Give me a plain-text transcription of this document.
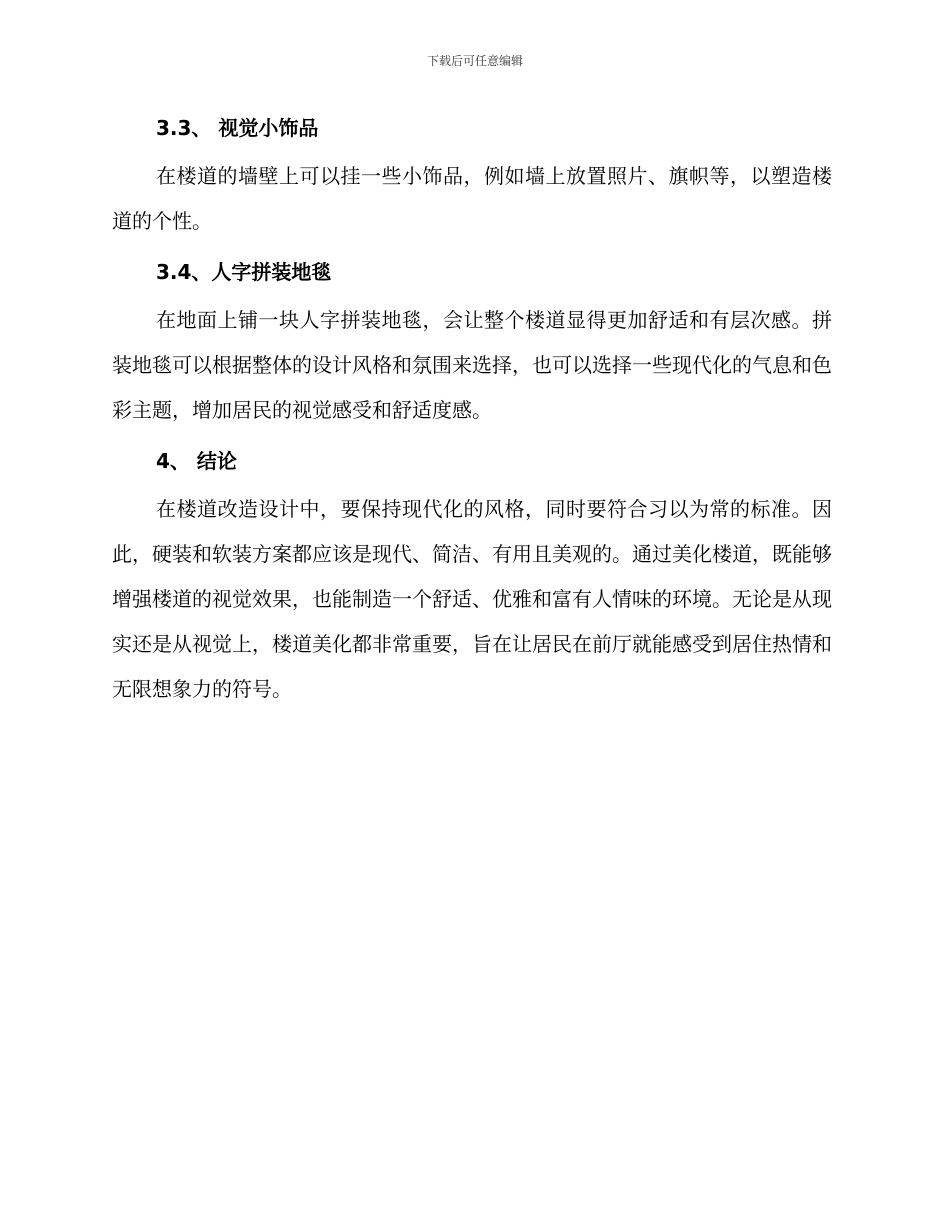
下载后可任意编辑
3.3、 视觉小饰品

在楼道的墙壁上可以挂一些小饰品，例如墙上放置照片、旗帜等，以塑造楼道的个性。

3.4、人字拼装地毯

在地面上铺一块人字拼装地毯，会让整个楼道显得更加舒适和有层次感。拼装地毯可以根据整体的设计风格和氛围来选择，也可以选择一些现代化的气息和色彩主题，增加居民的视觉感受和舒适度感。

4、 结论

在楼道改造设计中，要保持现代化的风格，同时要符合习以为常的标准。因此，硬装和软装方案都应该是现代、简洁、有用且美观的。通过美化楼道，既能够增强楼道的视觉效果，也能制造一个舒适、优雅和富有人情味的环境。无论是从现实还是从视觉上，楼道美化都非常重要，旨在让居民在前厅就能感受到居住热情和无限想象力的符号。
